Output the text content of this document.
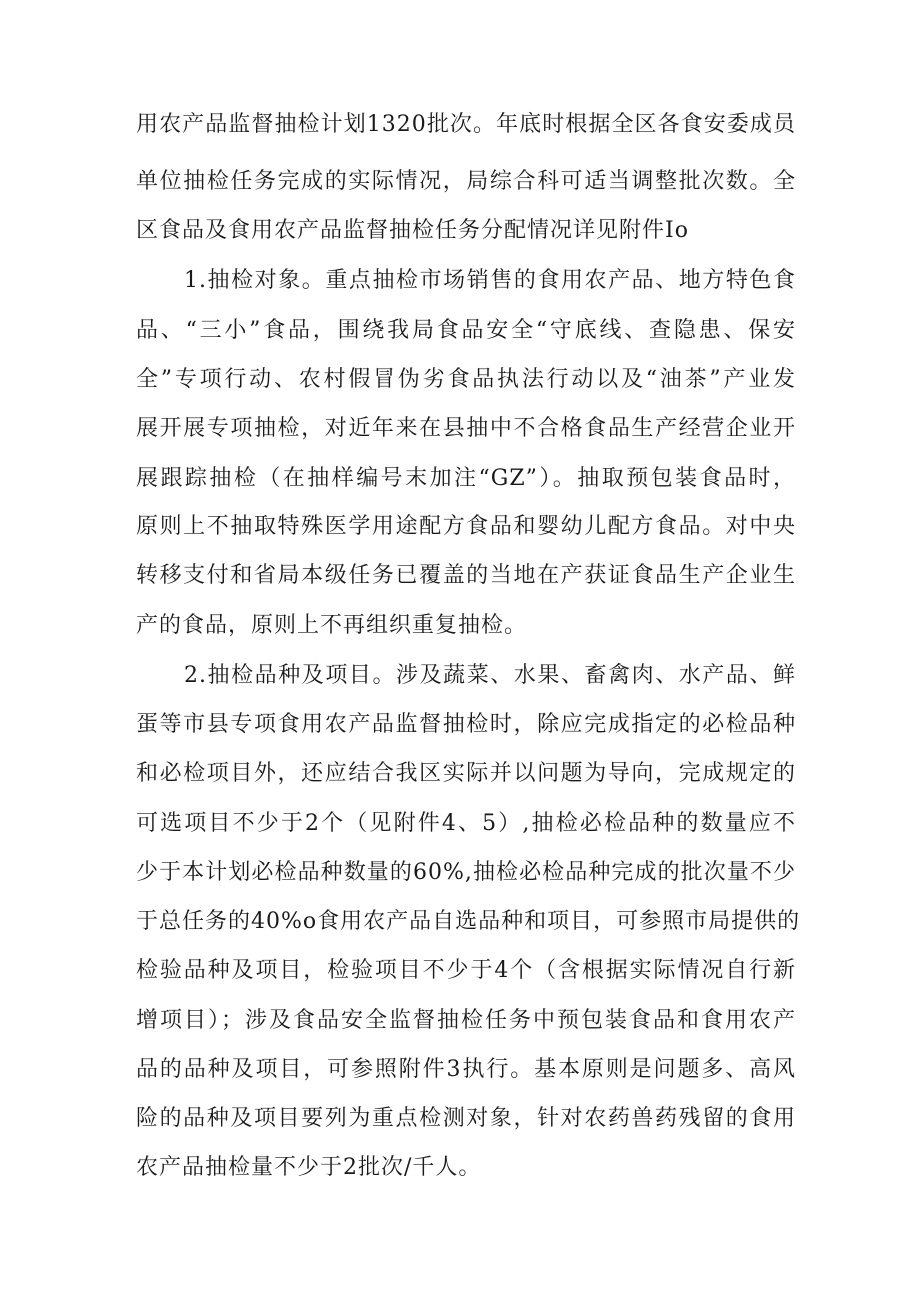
用农产品监督抽检计划1320批次。年底时根据全区各食安委成员
单位抽检任务完成的实际情况，局综合科可适当调整批次数。全
区食品及食用农产品监督抽检任务分配情况详见附件Io
1.抽检对象。重点抽检市场销售的食用农产品、地方特色食
品、“三小”食品，围绕我局食品安全“守底线、查隐患、保安
全”专项行动、农村假冒伪劣食品执法行动以及“油茶”产业发
展开展专项抽检，对近年来在县抽中不合格食品生产经营企业开
展跟踪抽检（在抽样编号末加注“GZ”）。抽取预包装食品时，
原则上不抽取特殊医学用途配方食品和婴幼儿配方食品。对中央
转移支付和省局本级任务已覆盖的当地在产获证食品生产企业生
产的食品，原则上不再组织重复抽检。
2.抽检品种及项目。涉及蔬菜、水果、畜禽肉、水产品、鲜
蛋等市县专项食用农产品监督抽检时，除应完成指定的必检品种
和必检项目外，还应结合我区实际并以问题为导向，完成规定的
可选项目不少于2个（见附件4、5）,抽检必检品种的数量应不
少于本计划必检品种数量的60%,抽检必检品种完成的批次量不少
于总任务的40%o食用农产品自选品种和项目，可参照市局提供的
检验品种及项目，检验项目不少于4个（含根据实际情况自行新
增项目）；涉及食品安全监督抽检任务中预包装食品和食用农产
品的品种及项目，可参照附件3执行。基本原则是问题多、高风
险的品种及项目要列为重点检测对象，针对农药兽药残留的食用
农产品抽检量不少于2批次/千人。
